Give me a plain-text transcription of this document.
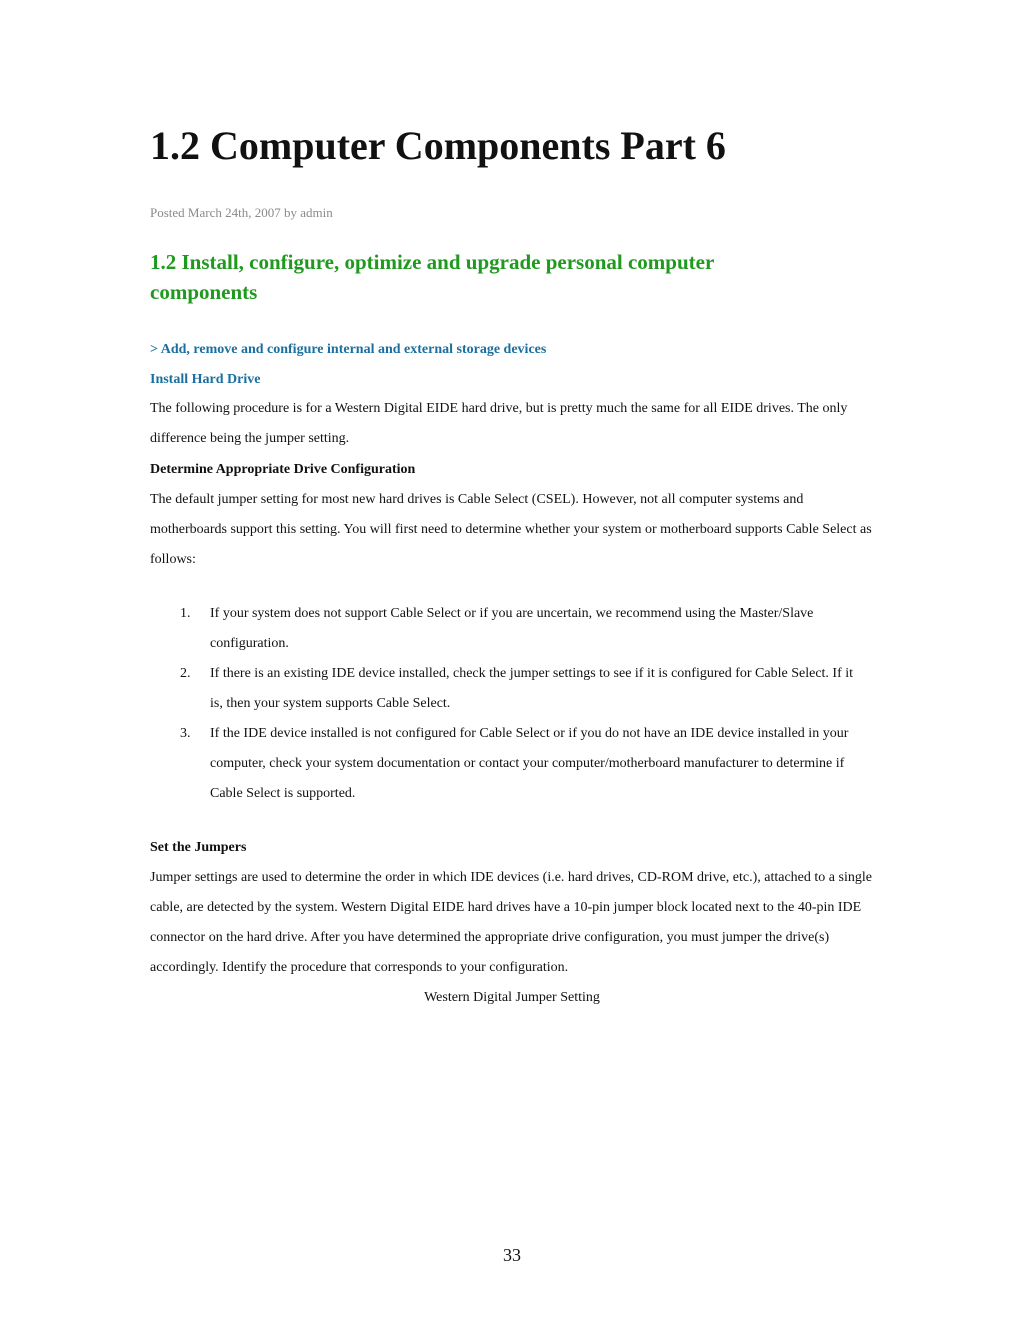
1.2 Computer Components Part 6
Posted March 24th, 2007 by admin
1.2 Install, configure, optimize and upgrade personal computer components
> Add, remove and configure internal and external storage devices
Install Hard Drive

The following procedure is for a Western Digital EIDE hard drive, but is pretty much the same for all EIDE drives. The only difference being the jumper setting.

Determine Appropriate Drive Configuration

The default jumper setting for most new hard drives is Cable Select (CSEL). However, not all computer systems and motherboards support this setting. You will first need to determine whether your system or motherboard supports Cable Select as follows:

1.	If your system does not support Cable Select or if you are uncertain, we recommend using the Master/Slave configuration.
2.	If there is an existing IDE device installed, check the jumper settings to see if it is configured for Cable Select. If it is, then your system supports Cable Select.
3.	If the IDE device installed is not configured for Cable Select or if you do not have an IDE device installed in your computer, check your system documentation or contact your computer/motherboard manufacturer to determine if Cable Select is supported.
Set the Jumpers

Jumper settings are used to determine the order in which IDE devices (i.e. hard drives, CD-ROM drive, etc.), attached to a single cable, are detected by the system. Western Digital EIDE hard drives have a 10-pin jumper block located next to the 40-pin IDE connector on the hard drive. After you have determined the appropriate drive configuration, you must jumper the drive(s) accordingly. Identify the procedure that corresponds to your configuration.

Western Digital Jumper Setting
33
